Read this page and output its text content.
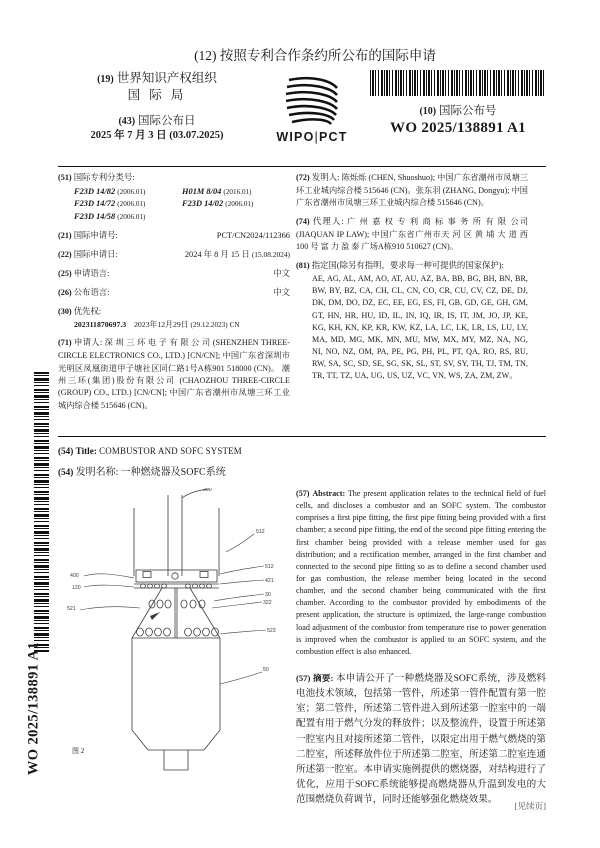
WO 2025/138891 A1
(12) 按照专利合作条约所公布的国际申请
(19) 世界知识产权组织
国 际 局
(43) 国际公布日
2025 年 7 月 3 日 (03.07.2025)	WIPO|PCT
(10) 国际公布号
WO 2025/138891 A1
(51) 国际专利分类号:
F23D 14/82 (2006.01)	H01M 8/04 (2016.01)
F23D 14/72 (2006.01)	F23D 14/02 (2006.01)
F23D 14/58 (2006.01)
(21) 国际申请号:	PCT/CN2024/112366
(22) 国际申请日:	2024 年 8 月 15 日 (15.08.2024)
(25) 申请语言:	中文
(26) 公布语言:	中文
(30) 优先权:
202311870697.3 2023年12月29日 (29.12.2023) CN
(71) 申请人: 深 圳 三 环 电 子 有 限 公 司 (SHENZHEN THREE-CIRCLE ELECTRONICS CO., LTD.) [CN/CN]; 中国广东省深圳市光明区凤凰街道甲子塘社区同仁路1号A栋901 518000 (CN)。 潮州三环(集团)股份有限公司 (CHAOZHOU THREE-CIRCLE (GROUP) CO., LTD.) [CN/CN]; 中国广东省潮州市凤塘三环工业城内综合楼 515646 (CN)。
(72) 发明人: 陈烁烁 (CHEN, Shuoshuo); 中国广东省潮州市凤塘三环工业城内综合楼 515646 (CN)。张东羽 (ZHANG, Dongyu); 中国广东省潮州市凤塘三环工业城内综合楼 515646 (CN)。
(74) 代理人: 广 州 嘉 权 专 利 商 标 事 务 所 有 限 公司 (JIAQUAN IP LAW); 中国广东省广州市天 河 区 黄 埔 大 道 西 100 号 富 力 盈 泰 广场A栋910 510627 (CN)。
(81) 指定国(除另有指明，要求每一种可提供的国家保护):
AE, AG, AL, AM, AO, AT, AU, AZ, BA, BB, BG, BH, BN, BR, BW, BY, BZ, CA, CH, CL, CN, CO, CR, CU, CV, CZ, DE, DJ, DK, DM, DO, DZ, EC, EE, EG, ES, FI, GB, GD, GE, GH, GM, GT, HN, HR, HU, ID, IL, IN, IQ, IR, IS, IT, JM, JO, JP, KE, KG, KH, KN, KP, KR, KW, KZ, LA, LC, LK, LR, LS, LU, LY, MA, MD, MG, MK, MN, MU, MW, MX, MY, MZ, NA, NG, NI, NO, NZ, OM, PA, PE, PG, PH, PL, PT, QA, RO, RS, RU, RW, SA, SC, SD, SE, SG, SK, SL, ST, SV, SY, TH, TJ, TM, TN, TR, TT, TZ, UA, UG, US, UZ, VC, VN, WS, ZA, ZM, ZW。
(54) Title: COMBUSTOR AND SOFC SYSTEM
(54) 发明名称: 一种燃烧器及SOFC系统
200
512
400
120
512
421
30
322
521
523
50
图 2
(57) Abstract: The present application relates to the technical field of fuel cells, and discloses a combustor and an SOFC system. The combustor comprises a first pipe fitting, the first pipe fitting being provided with a first chamber; a second pipe fitting, the end of the second pipe fitting entering the first chamber being provided with a release member used for gas distribution; and a rectification member, arranged in the first chamber and connected to the second pipe fitting so as to define a second chamber used for gas combustion, the release member being located in the second chamber, and the second chamber being communicated with the first chamber. According to the combustor provided by embodiments of the present application, the structure is optimized, the large-range combustion load adjustment of the combustor from temperature rise to power generation is improved when the combustor is applied to an SOFC system, and the combustion effect is also enhanced.
(57) 摘要: 本申请公开了一种燃烧器及SOFC系统，涉及燃料电池技术领域，包括第一管件，所述第一管件配置有第一腔室；第二管件，所述第二管件进入到所述第一腔室中的一端配置有用于燃气分发的释放件；以及整流件，设置于所述第一腔室内且对接所述第二管件，以限定出用于燃气燃烧的第二腔室，所述释放件位于所述第二腔室，所述第二腔室连通所述第一腔室。本申请实施例提供的燃烧器，对结构进行了优化，应用于SOFC系统能够提高燃烧器从升温到发电的大范围燃烧负荷调节，同时还能够强化燃烧效果。
[见续页]
